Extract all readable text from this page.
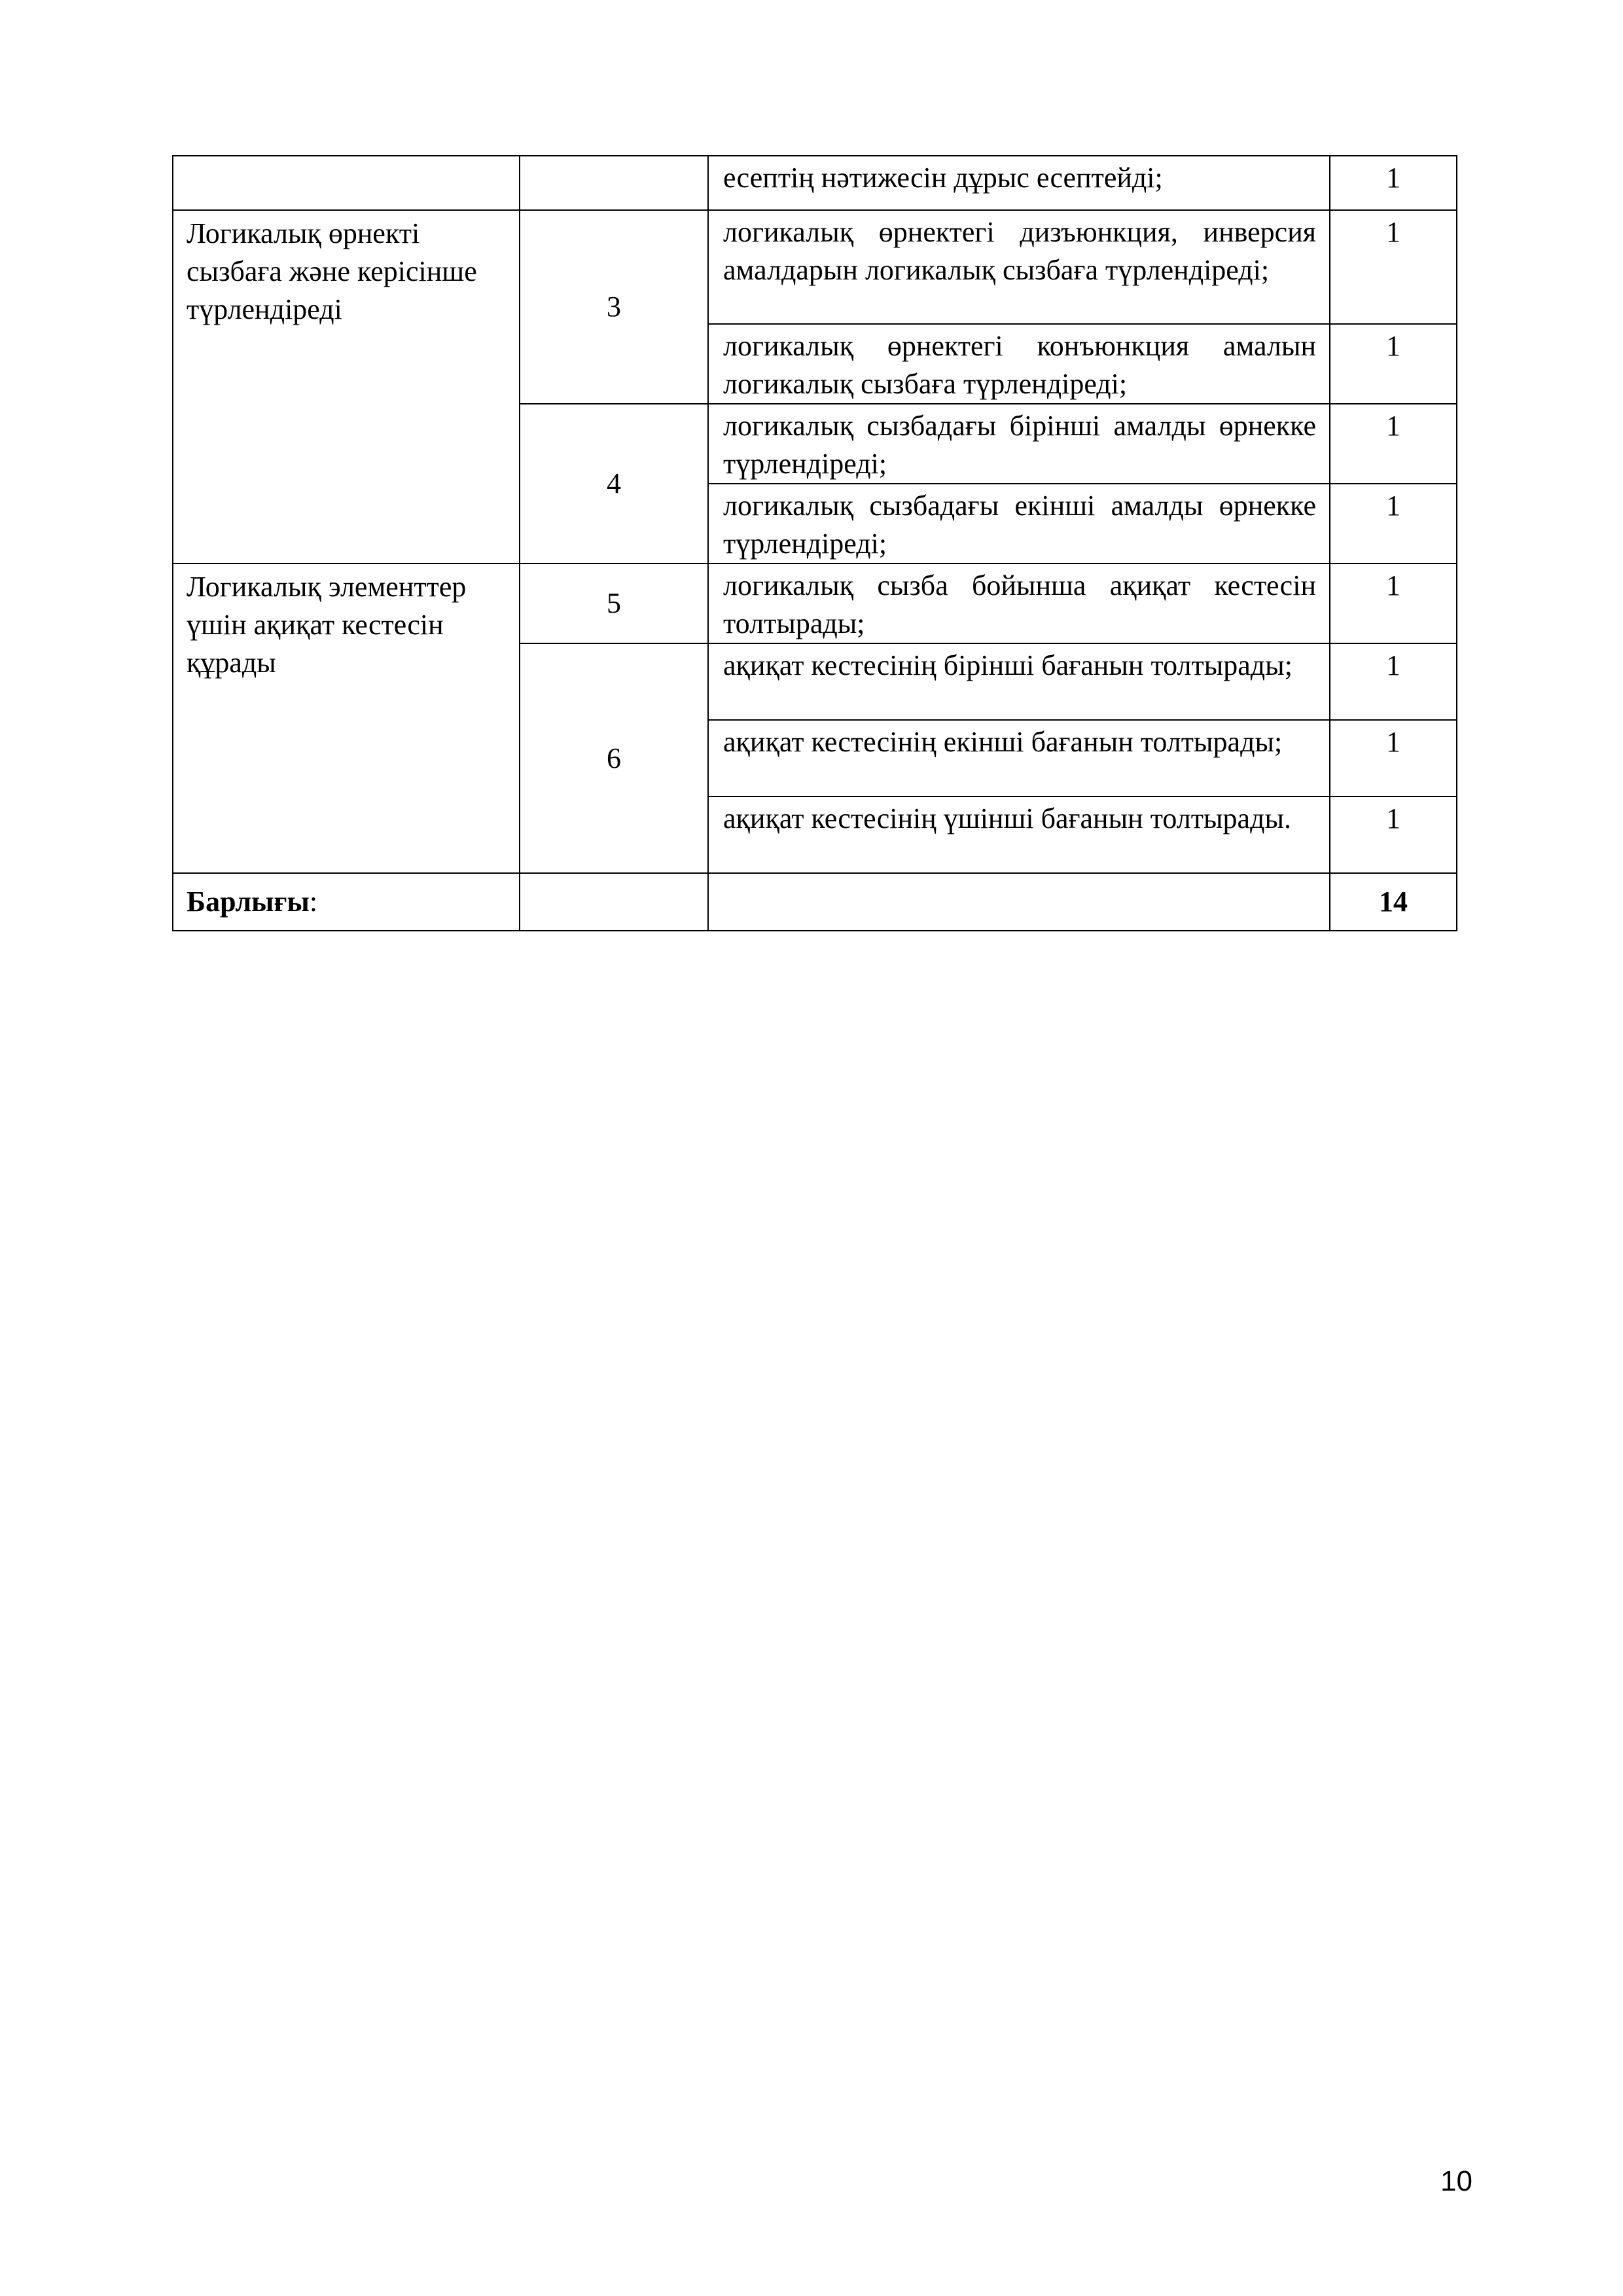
		есептің нәтижесін дұрыс есептейді;	1
Логикалық өрнекті сызбаға және керісінше түрлендіреді	3	логикалық өрнектегі дизъюнкция, инверсия амалдарын логикалық сызбаға түрлендіреді;	1
		логикалық өрнектегі конъюнкция амалын логикалық сызбаға түрлендіреді;	1
	4	логикалық сызбадағы бірінші амалды өрнекке түрлендіреді;	1
		логикалық сызбадағы екінші амалды өрнекке түрлендіреді;	1
Логикалық элементтер үшін ақиқат кестесін құрады	5	логикалық сызба бойынша ақиқат кестесін толтырады;	1
	6	ақиқат кестесінің бірінші бағанын толтырады;	1
		ақиқат кестесінің екінші бағанын толтырады;	1
		ақиқат кестесінің үшінші бағанын толтырады.	1
Барлығы:			14
10
